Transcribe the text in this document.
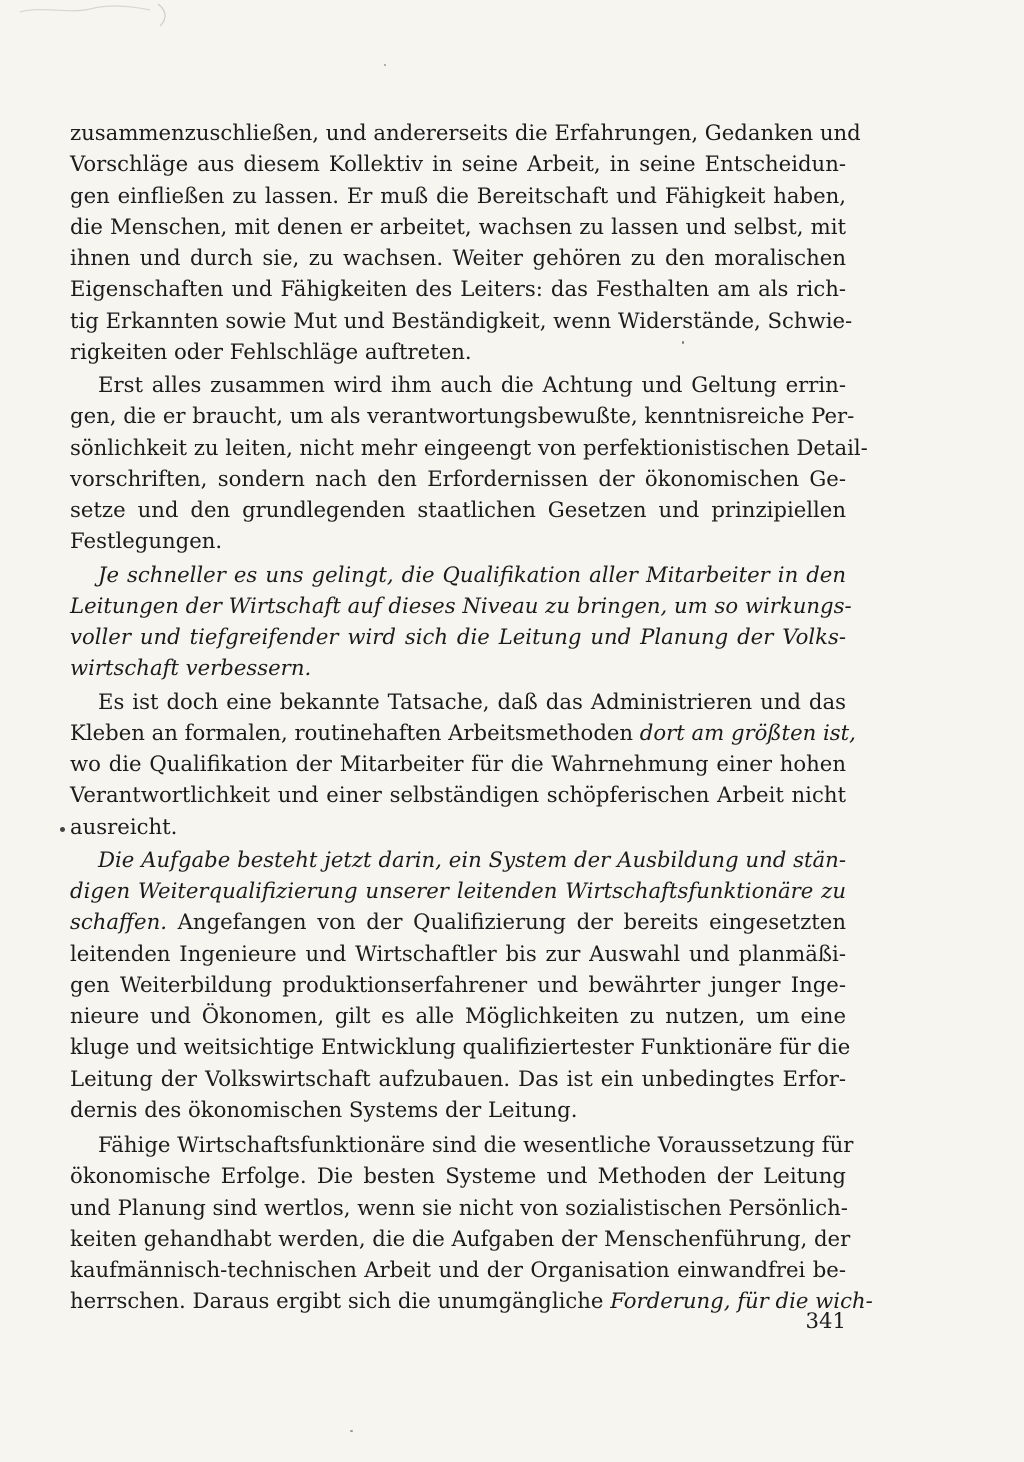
zusammenzuschließen, und andererseits die Erfahrungen, Gedanken und
Vorschläge aus diesem Kollektiv in seine Arbeit, in seine Entscheidun-
gen einfließen zu lassen. Er muß die Bereitschaft und Fähigkeit haben,
die Menschen, mit denen er arbeitet, wachsen zu lassen und selbst, mit
ihnen und durch sie, zu wachsen. Weiter gehören zu den moralischen
Eigenschaften und Fähigkeiten des Leiters: das Festhalten am als rich-
tig Erkannten sowie Mut und Beständigkeit, wenn Widerstände, Schwie-
rigkeiten oder Fehlschläge auftreten.
Erst alles zusammen wird ihm auch die Achtung und Geltung errin-
gen, die er braucht, um als verantwortungsbewußte, kenntnisreiche Per-
sönlichkeit zu leiten, nicht mehr eingeengt von perfektionistischen Detail-
vorschriften, sondern nach den Erfordernissen der ökonomischen Ge-
setze und den grundlegenden staatlichen Gesetzen und prinzipiellen
Festlegungen.
Je schneller es uns gelingt, die Qualifikation aller Mitarbeiter in den
Leitungen der Wirtschaft auf dieses Niveau zu bringen, um so wirkungs-
voller und tiefgreifender wird sich die Leitung und Planung der Volks-
wirtschaft verbessern.
Es ist doch eine bekannte Tatsache, daß das Administrieren und das
Kleben an formalen, routinehaften Arbeitsmethoden dort am größten ist,
wo die Qualifikation der Mitarbeiter für die Wahrnehmung einer hohen
Verantwortlichkeit und einer selbständigen schöpferischen Arbeit nicht
ausreicht.
Die Aufgabe besteht jetzt darin, ein System der Ausbildung und stän-
digen Weiterqualifizierung unserer leitenden Wirtschaftsfunktionäre zu
schaffen. Angefangen von der Qualifizierung der bereits eingesetzten
leitenden Ingenieure und Wirtschaftler bis zur Auswahl und planmäßi-
gen Weiterbildung produktionserfahrener und bewährter junger Inge-
nieure und Ökonomen, gilt es alle Möglichkeiten zu nutzen, um eine
kluge und weitsichtige Entwicklung qualifiziertester Funktionäre für die
Leitung der Volkswirtschaft aufzubauen. Das ist ein unbedingtes Erfor-
dernis des ökonomischen Systems der Leitung.
Fähige Wirtschaftsfunktionäre sind die wesentliche Voraussetzung für
ökonomische Erfolge. Die besten Systeme und Methoden der Leitung
und Planung sind wertlos, wenn sie nicht von sozialistischen Persönlich-
keiten gehandhabt werden, die die Aufgaben der Menschenführung, der
kaufmännisch-technischen Arbeit und der Organisation einwandfrei be-
herrschen. Daraus ergibt sich die unumgängliche Forderung, für die wich-
341
